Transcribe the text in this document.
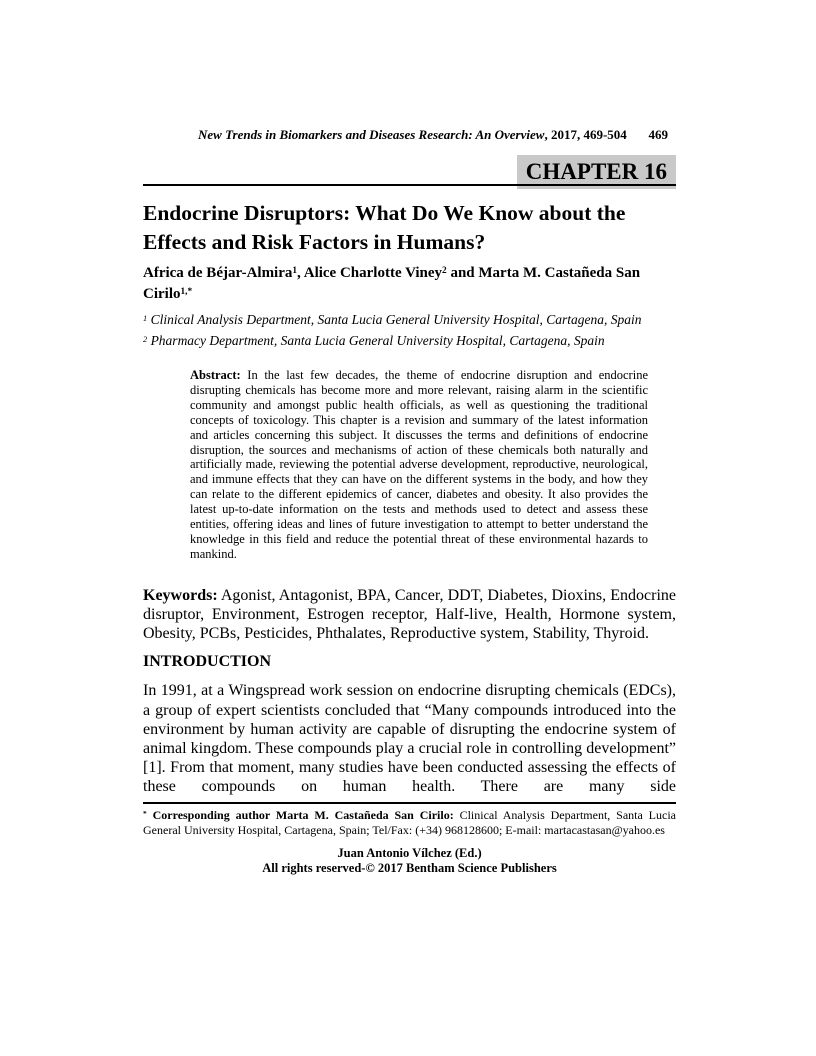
New Trends in Biomarkers and Diseases Research: An Overview, 2017, 469-504 469
CHAPTER 16
Endocrine Disruptors: What Do We Know about the Effects and Risk Factors in Humans?
Africa de Béjar-Almira$^1$, Alice Charlotte Viney$^2$ and Marta M. Castañeda San Cirilo$^{1,*}$
$^1$ Clinical Analysis Department, Santa Lucia General University Hospital, Cartagena, Spain
$^2$ Pharmacy Department, Santa Lucia General University Hospital, Cartagena, Spain
Abstract: In the last few decades, the theme of endocrine disruption and endocrine disrupting chemicals has become more and more relevant, raising alarm in the scientific community and amongst public health officials, as well as questioning the traditional concepts of toxicology. This chapter is a revision and summary of the latest information and articles concerning this subject. It discusses the terms and definitions of endocrine disruption, the sources and mechanisms of action of these chemicals both naturally and artificially made, reviewing the potential adverse development, reproductive, neurological, and immune effects that they can have on the different systems in the body, and how they can relate to the different epidemics of cancer, diabetes and obesity. It also provides the latest up-to-date information on the tests and methods used to detect and assess these entities, offering ideas and lines of future investigation to attempt to better understand the knowledge in this field and reduce the potential threat of these environmental hazards to mankind.
Keywords: Agonist, Antagonist, BPA, Cancer, DDT, Diabetes, Dioxins, Endocrine disruptor, Environment, Estrogen receptor, Half-live, Health, Hormone system, Obesity, PCBs, Pesticides, Phthalates, Reproductive system, Stability, Thyroid.
INTRODUCTION
In 1991, at a Wingspread work session on endocrine disrupting chemicals (EDCs), a group of expert scientists concluded that “Many compounds introduced into the environment by human activity are capable of disrupting the endocrine system of animal kingdom. These compounds play a crucial role in controlling development” [1]. From that moment, many studies have been conducted assessing the effects of these compounds on human health. There are many side
* Corresponding author Marta M. Castañeda San Cirilo: Clinical Analysis Department, Santa Lucia General University Hospital, Cartagena, Spain; Tel/Fax: (+34) 968128600; E-mail: martacastasan@yahoo.es
Juan Antonio Vílchez (Ed.)
All rights reserved-© 2017 Bentham Science Publishers
